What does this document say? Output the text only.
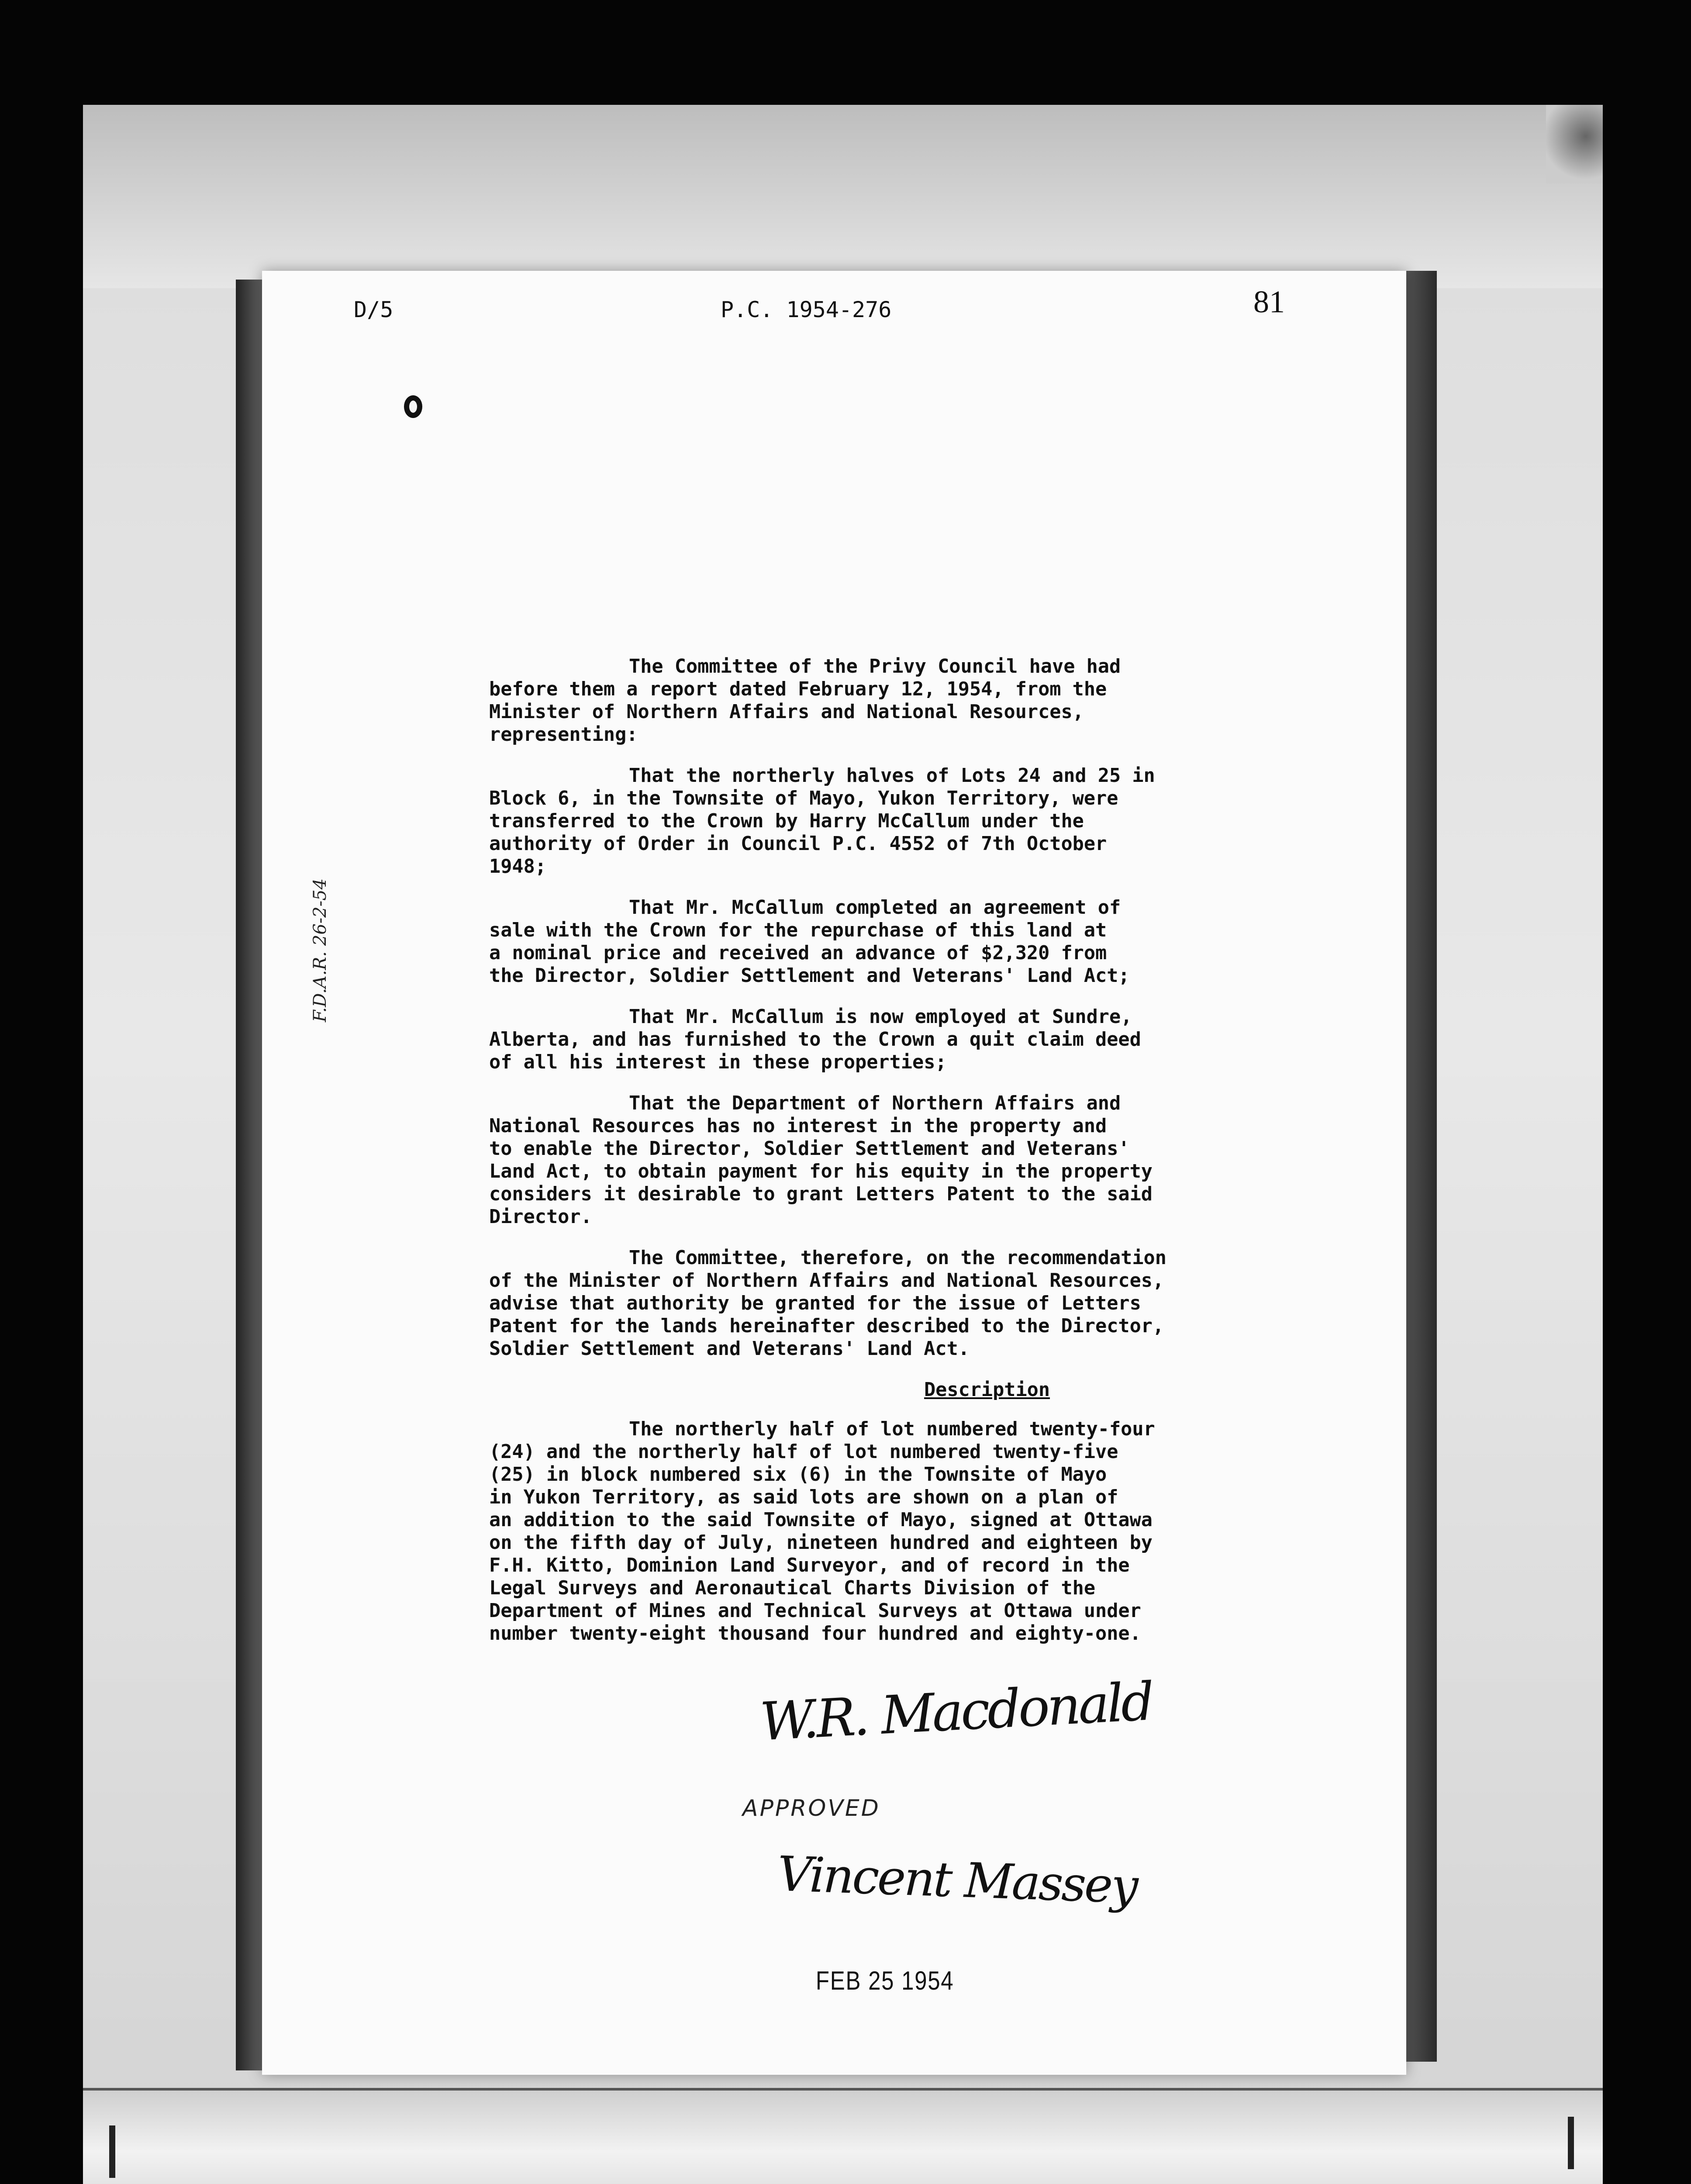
D/5	P.C. 1954-276	81
F.D.A.R. 26-2-54

The Committee of the Privy Council have had
before them a report dated February 12, 1954, from the
Minister of Northern Affairs and National Resources,
representing:

That the northerly halves of Lots 24 and 25 in
Block 6, in the Townsite of Mayo, Yukon Territory, were
transferred to the Crown by Harry McCallum under the
authority of Order in Council P.C. 4552 of 7th October
1948;

That Mr. McCallum completed an agreement of
sale with the Crown for the repurchase of this land at
a nominal price and received an advance of $2,320 from
the Director, Soldier Settlement and Veterans' Land Act;

That Mr. McCallum is now employed at Sundre,
Alberta, and has furnished to the Crown a quit claim deed
of all his interest in these properties;

That the Department of Northern Affairs and
National Resources has no interest in the property and
to enable the Director, Soldier Settlement and Veterans'
Land Act, to obtain payment for his equity in the property
considers it desirable to grant Letters Patent to the said
Director.

The Committee, therefore, on the recommendation
of the Minister of Northern Affairs and National Resources,
advise that authority be granted for the issue of Letters
Patent for the lands hereinafter described to the Director,
Soldier Settlement and Veterans' Land Act.

Description

The northerly half of lot numbered twenty-four
(24) and the northerly half of lot numbered twenty-five
(25) in block numbered six (6) in the Townsite of Mayo
in Yukon Territory, as said lots are shown on a plan of
an addition to the said Townsite of Mayo, signed at Ottawa
on the fifth day of July, nineteen hundred and eighteen by
F.H. Kitto, Dominion Land Surveyor, and of record in the
Legal Surveys and Aeronautical Charts Division of the
Department of Mines and Technical Surveys at Ottawa under
number twenty-eight thousand four hundred and eighty-one.

W.R. Macdonald
APPROVED
Vincent Massey
FEB 25 1954
